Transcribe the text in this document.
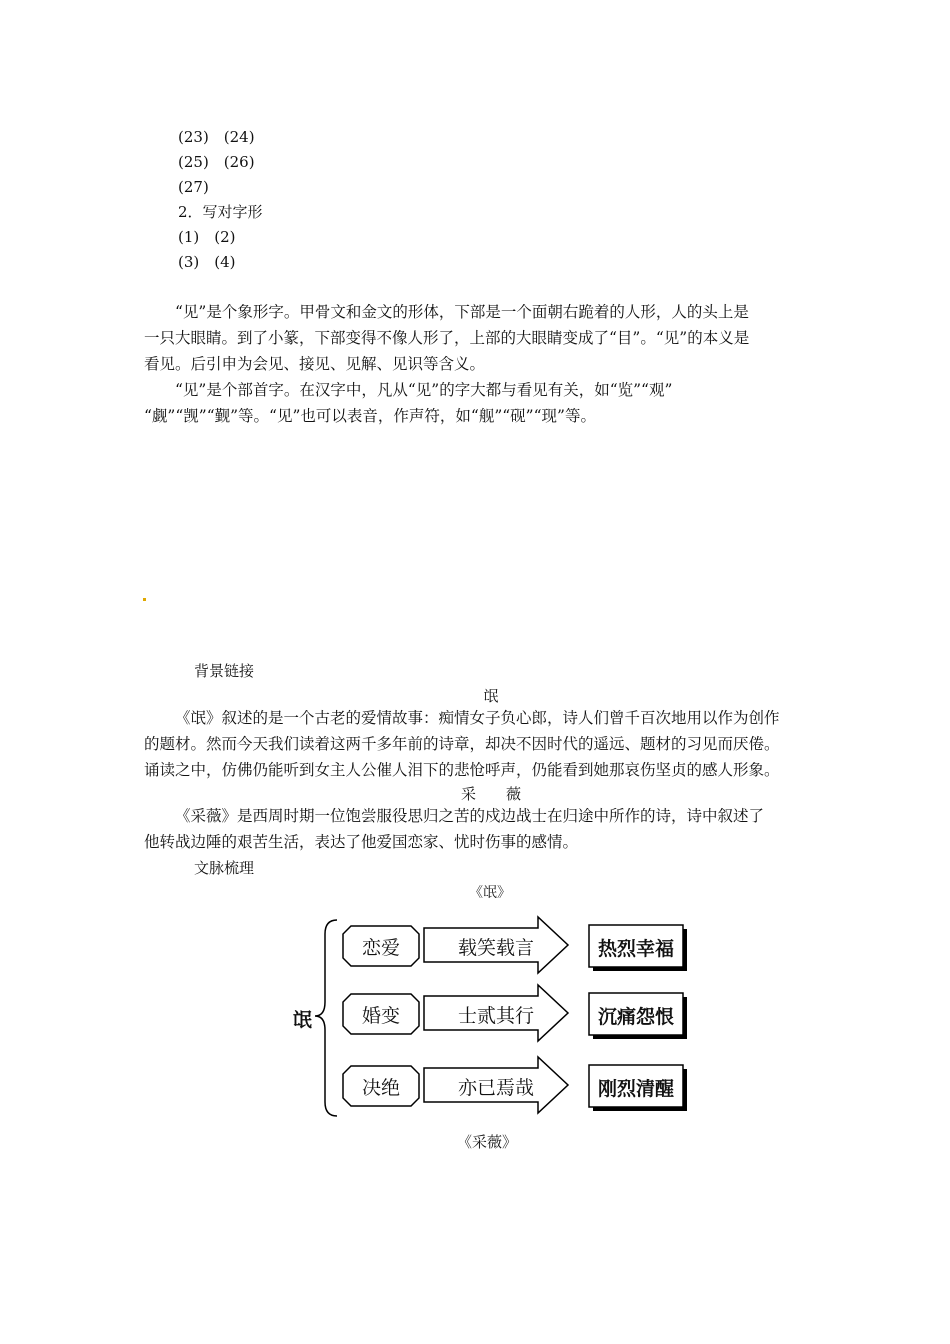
(23)　(24)
(25)　(26)
(27)
2．写对字形
(1)　(2)
(3)　(4)
“见”是个象形字。甲骨文和金文的形体，下部是一个面朝右跪着的人形，人的头上是
一只大眼睛。到了小篆，下部变得不像人形了，上部的大眼睛变成了“目”。“见”的本义是
看见。后引申为会见、接见、见解、见识等含义。
“见”是个部首字。在汉字中，凡从“见”的字大都与看见有关，如“览”“观”
“觑”“觊”“觐”等。“见”也可以表音，作声符，如“舰”“砚”“现”等。
背景链接
氓
《氓》叙述的是一个古老的爱情故事：痴情女子负心郎，诗人们曾千百次地用以作为创作
的题材。然而今天我们读着这两千多年前的诗章，却决不因时代的遥远、题材的习见而厌倦。
诵读之中，仿佛仍能听到女主人公催人泪下的悲怆呼声，仍能看到她那哀伤坚贞的感人形象。
采　　薇
《采薇》是西周时期一位饱尝服役思归之苦的戍边战士在归途中所作的诗，诗中叙述了
他转战边陲的艰苦生活，表达了他爱国恋家、忧时伤事的感情。
文脉梳理
《氓》
氓
恋爱	载笑载言	热烈幸福
婚变	士贰其行	沉痛怨恨
决绝	亦已焉哉	刚烈清醒
《采薇》
